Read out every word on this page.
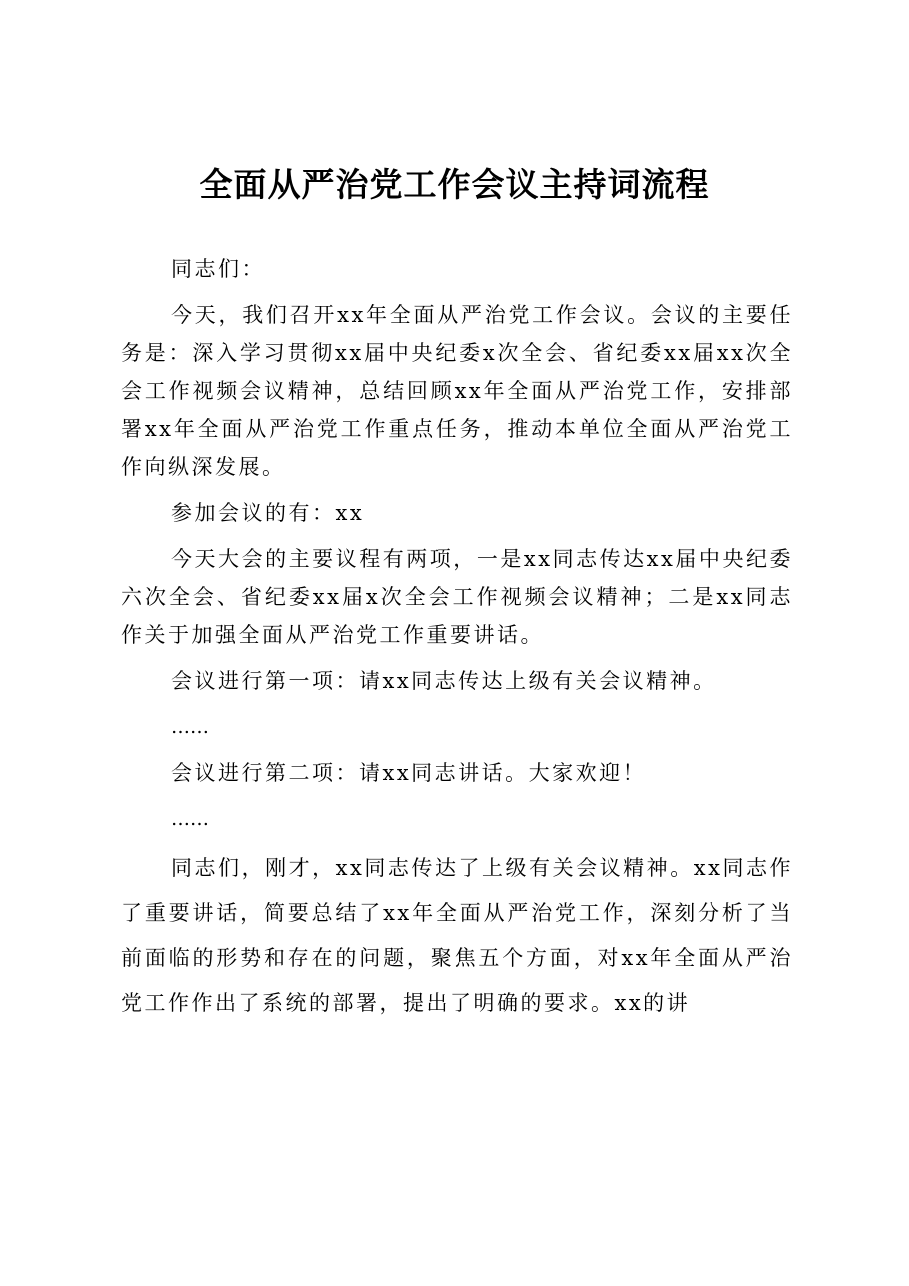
全面从严治党工作会议主持词流程

同志们：

今天，我们召开xx年全面从严治党工作会议。会议的主要任务是：深入学习贯彻xx届中央纪委x次全会、省纪委xx届xx次全会工作视频会议精神，总结回顾xx年全面从严治党工作，安排部署xx年全面从严治党工作重点任务，推动本单位全面从严治党工作向纵深发展。

参加会议的有：xx

今天大会的主要议程有两项，一是xx同志传达xx届中央纪委六次全会、省纪委xx届x次全会工作视频会议精神；二是xx同志作关于加强全面从严治党工作重要讲话。

会议进行第一项：请xx同志传达上级有关会议精神。

……

会议进行第二项：请xx同志讲话。大家欢迎！

……

同志们，刚才，xx同志传达了上级有关会议精神。xx同志作了重要讲话，简要总结了xx年全面从严治党工作，深刻分析了当前面临的形势和存在的问题，聚焦五个方面，对xx年全面从严治党工作作出了系统的部署，提出了明确的要求。xx的讲
